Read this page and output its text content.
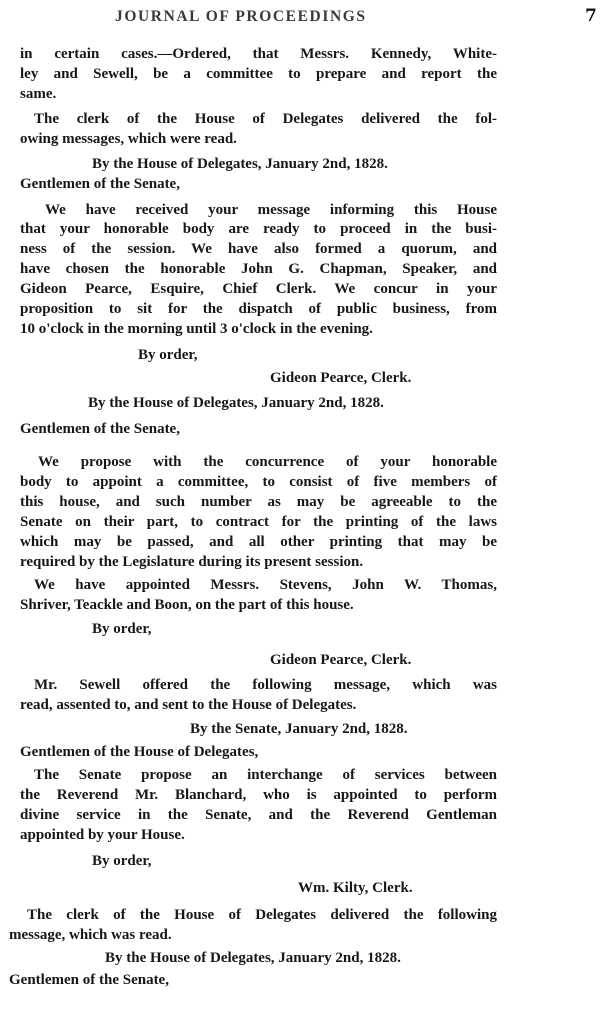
JOURNAL OF PROCEEDINGS	7
in certain cases.—Ordered, that Messrs. Kennedy, White-
ley and Sewell, be a committee to prepare and report the
same.
The clerk of the House of Delegates delivered the fol-
owing messages, which were read.
By the House of Delegates, January 2nd, 1828.
Gentlemen of the Senate,
We have received your message informing this House
that your honorable body are ready to proceed in the busi-
ness of the session. We have also formed a quorum, and
have chosen the honorable John G. Chapman, Speaker, and
Gideon Pearce, Esquire, Chief Clerk. We concur in your
proposition to sit for the dispatch of public business, from
10 o'clock in the morning until 3 o'clock in the evening.
By order,
Gideon Pearce, Clerk.
By the House of Delegates, January 2nd, 1828.
Gentlemen of the Senate,
We propose with the concurrence of your honorable
body to appoint a committee, to consist of five members of
this house, and such number as may be agreeable to the
Senate on their part, to contract for the printing of the laws
which may be passed, and all other printing that may be
required by the Legislature during its present session.
We have appointed Messrs. Stevens, John W. Thomas,
Shriver, Teackle and Boon, on the part of this house.
By order,
Gideon Pearce, Clerk.
Mr. Sewell offered the following message, which was
read, assented to, and sent to the House of Delegates.
By the Senate, January 2nd, 1828.
Gentlemen of the House of Delegates,
The Senate propose an interchange of services between
the Reverend Mr. Blanchard, who is appointed to perform
divine service in the Senate, and the Reverend Gentleman
appointed by your House.
By order,
Wm. Kilty, Clerk.
The clerk of the House of Delegates delivered the following
message, which was read.
By the House of Delegates, January 2nd, 1828.
Gentlemen of the Senate,
